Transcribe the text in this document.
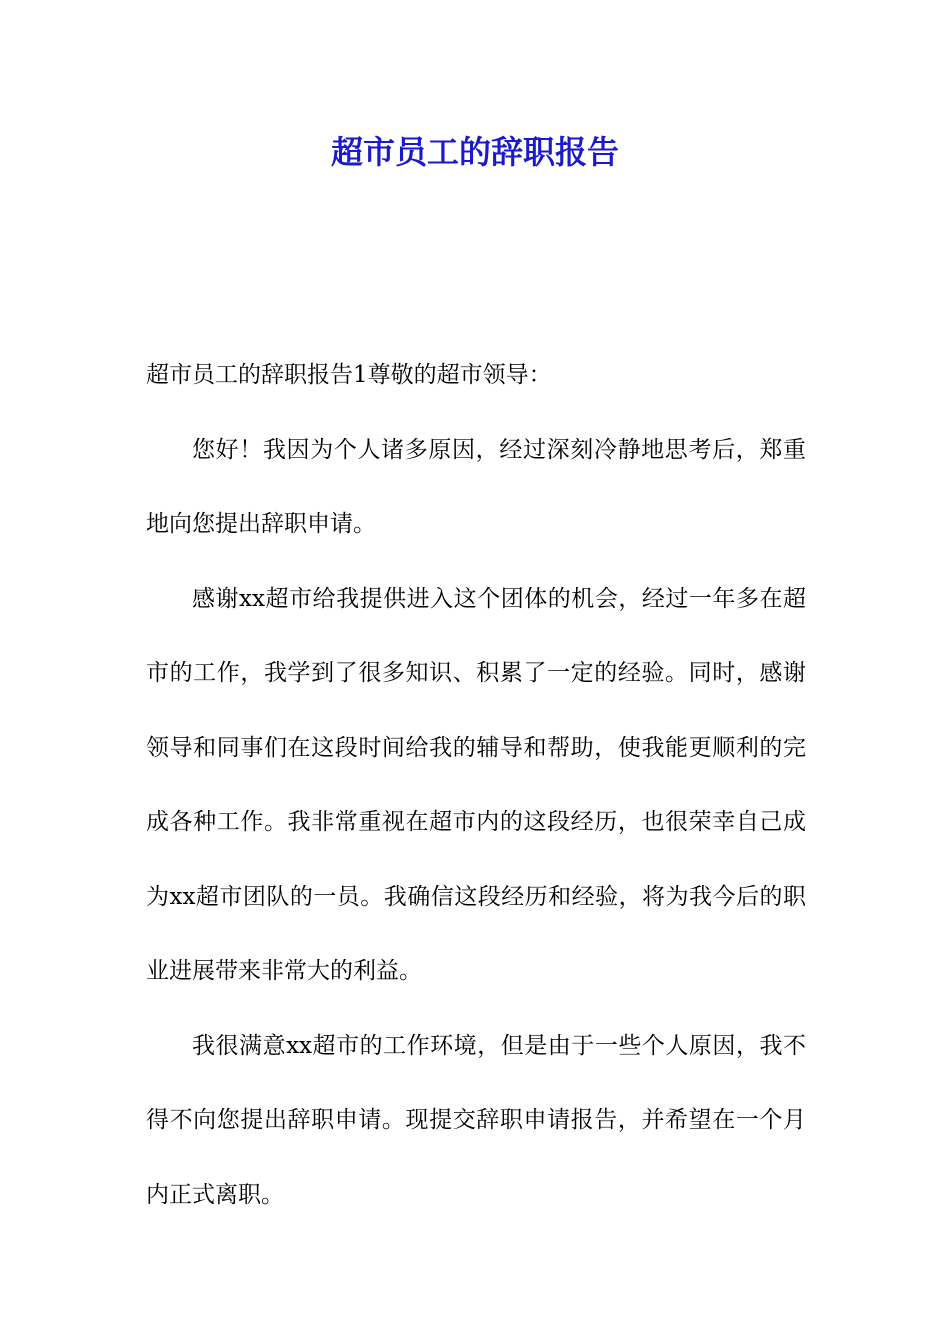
超市员工的辞职报告

超市员工的辞职报告1尊敬的超市领导：

您好！我因为个人诸多原因，经过深刻冷静地思考后，郑重地向您提出辞职申请。

感谢xx超市给我提供进入这个团体的机会，经过一年多在超市的工作，我学到了很多知识、积累了一定的经验。同时，感谢领导和同事们在这段时间给我的辅导和帮助，使我能更顺利的完成各种工作。我非常重视在超市内的这段经历，也很荣幸自己成为xx超市团队的一员。我确信这段经历和经验，将为我今后的职业进展带来非常大的利益。

我很满意xx超市的工作环境，但是由于一些个人原因，我不得不向您提出辞职申请。现提交辞职申请报告，并希望在一个月内正式离职。
